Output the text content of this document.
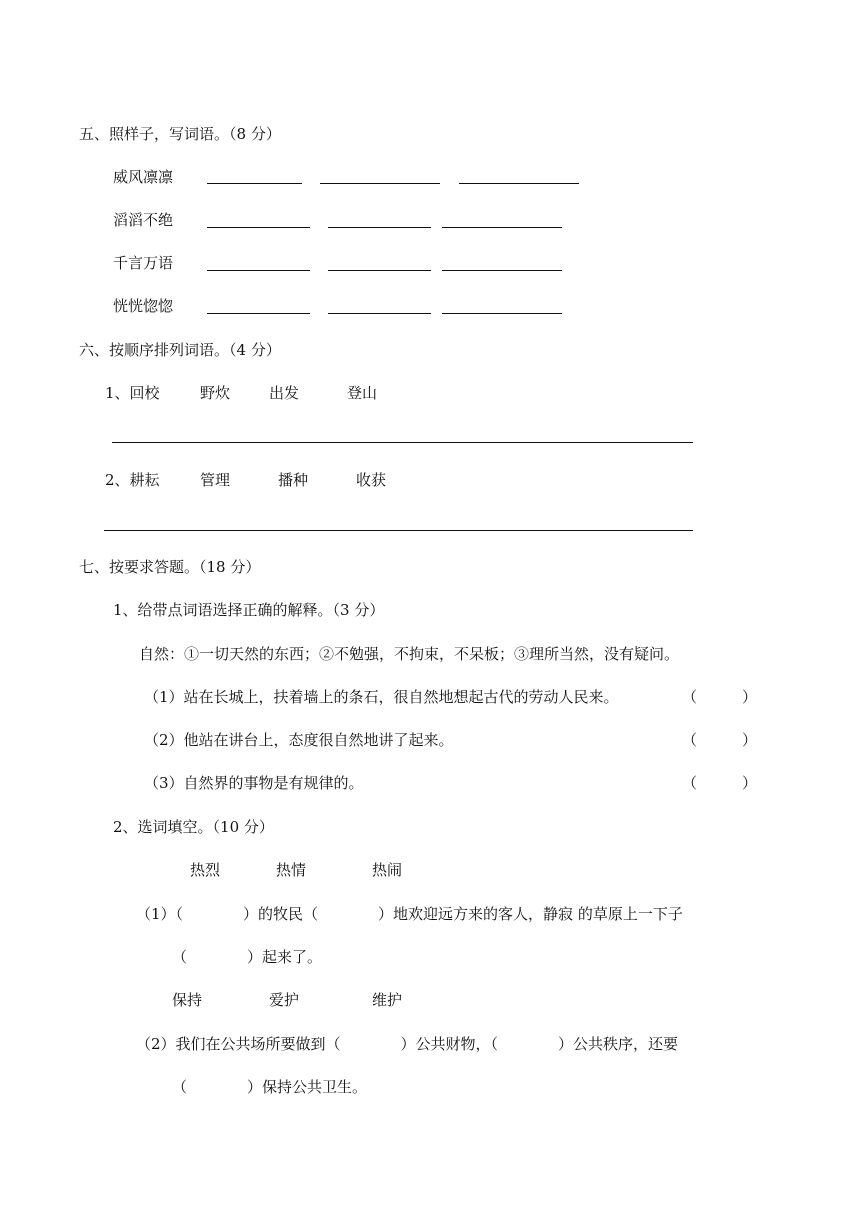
五、照样子，写词语。（8 分）
威风凛凛
滔滔不绝
千言万语
恍恍惚惚
六、按顺序排列词语。（4 分）
1、回校	野炊	出发	登山
2、耕耘	管理	播种	收获
七、按要求答题。（18 分）
1、给带点词语选择正确的解释。（3 分）
自然：①一切天然的东西；②不勉强，不拘束，不呆板；③理所当然，没有疑问。
（1）站在长城上，扶着墙上的条石，很自然地想起古代的劳动人民来。	（　　　）
（2）他站在讲台上，态度很自然地讲了起来。	（　　　）
（3）自然界的事物是有规律的。	（　　　）
2、选词填空。（10 分）
热烈	热情	热闹
（1）（　　　　）的牧民（　　　　）地欢迎远方来的客人，静寂 的草原上一下子
（　　　　）起来了。
保持	爱护	维护
（2）我们在公共场所要做到（　　　　）公共财物，（　　　　）公共秩序，还要
（　　　　）保持公共卫生。
